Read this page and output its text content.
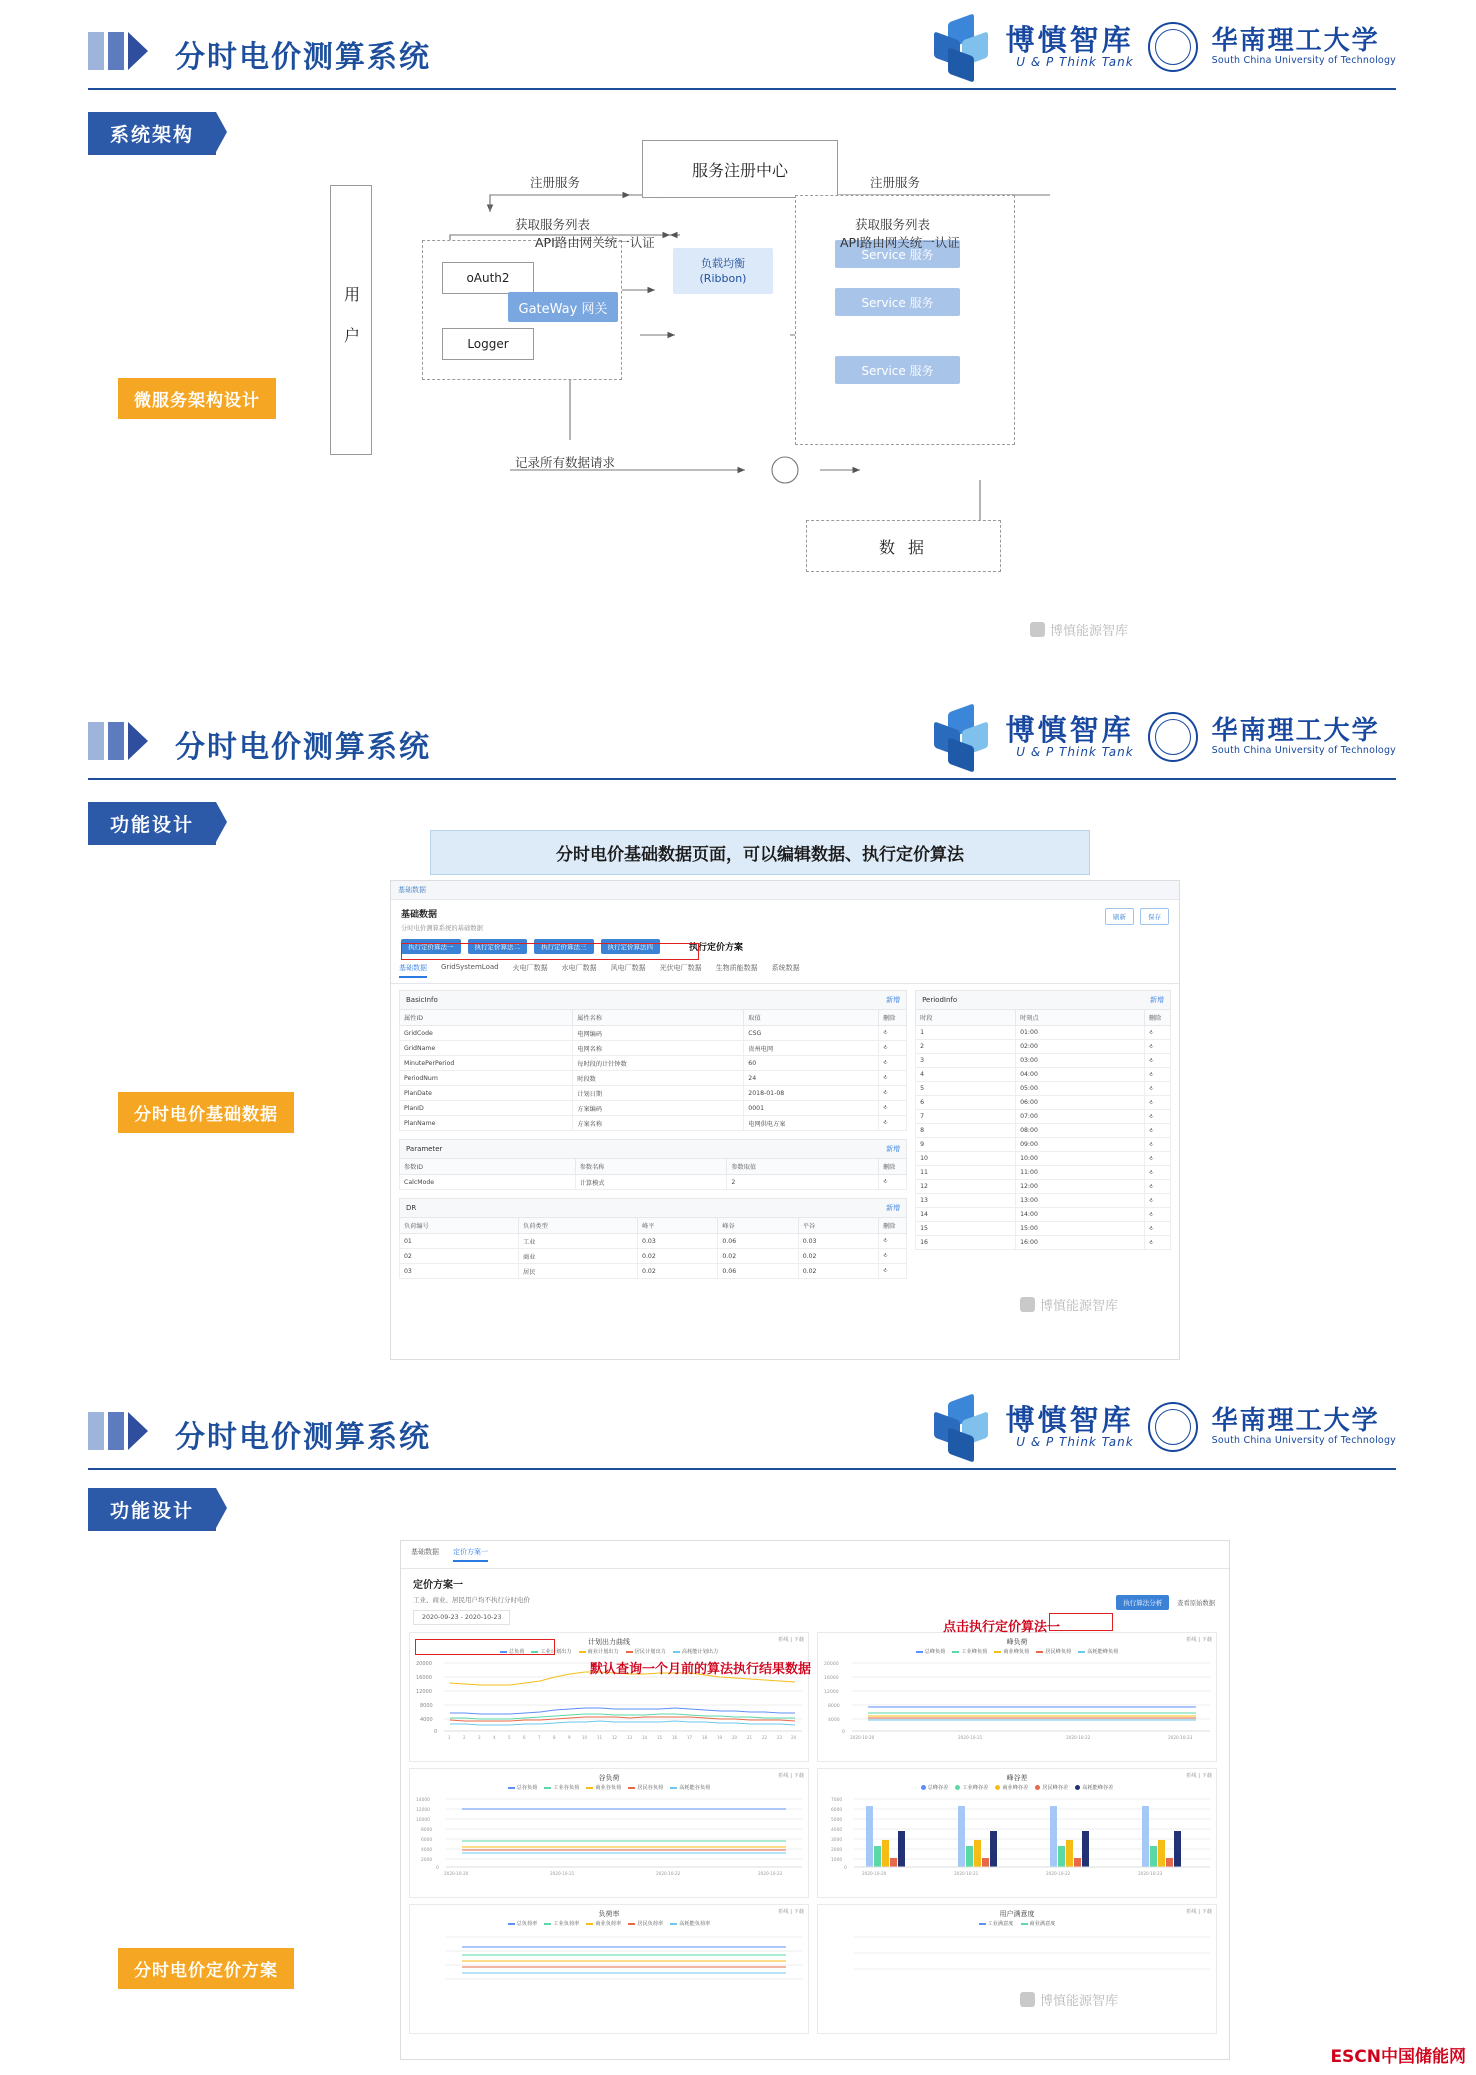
分时电价测算系统
博慎智库
U & P Think Tank
华南理工大学
South China University of Technology
系统架构
微服务架构设计
服务注册中心
用 户
oAuth2
Logger
GateWay 网关
负载均衡
(Ribbon)
Service 服务
Service 服务
Service 服务
数 据
注册服务	注册服务
获取服务列表	获取服务列表
API路由网关统一认证	API路由网关统一认证
记录所有数据请求
博慎能源智库
分时电价测算系统
博慎智库
U & P Think Tank
华南理工大学
South China University of Technology
功能设计
分时电价基础数据
分时电价基础数据页面，可以编辑数据、执行定价算法
基础数据
基础数据
分时电价测算系统的基础数据
刷新	保存
执行定价算法一	执行定价算法二	执行定价算法三	执行定价算法四	执行定价方案
基础数据 GridSystemLoad 火电厂数据 水电厂数据 风电厂数据 光伏电厂数据 生物质能数据 系统数据
BasicInfo	新增
属性ID	属性名称	取值	删除
GridCode	电网编码	CSG	⎀
GridName	电网名称	贵州电网	⎀
MinutePerPeriod	每时段的计针钟数	60	⎀
PeriodNum	时段数	24	⎀
PlanDate	计划日期	2018-01-08	⎀
PlanID	方案编码	0001	⎀
PlanName	方案名称	电网供电方案	⎀
Parameter	新增
参数ID	参数名称	参数取值	删除
CalcMode	计算模式	2	⎀
DR	新增
负荷编号	负荷类型	峰平	峰谷	平谷	删除
01	工业	0.03	0.06	0.03	⎀
02	商业	0.02	0.02	0.02	⎀
03	居民	0.02	0.06	0.02	⎀
PeriodInfo	新增
时段	时刻点	删除
1	01:00	⎀
2	02:00	⎀
3	03:00	⎀
4	04:00	⎀
5	05:00	⎀
6	06:00	⎀
7	07:00	⎀
8	08:00	⎀
9	09:00	⎀
10	10:00	⎀
11	11:00	⎀
12	12:00	⎀
13	13:00	⎀
14	14:00	⎀
15	15:00	⎀
16	16:00	⎀
博慎能源智库
分时电价测算系统
博慎智库
U & P Think Tank
华南理工大学
South China University of Technology
功能设计
分时电价定价方案
基础数据 定价方案一
定价方案一
工业、商业、居民用户均不执行分时电价
2020-09-23 - 2020-10-23
执行算法分析	查看原始数据
计划出力曲线	折线 | 下载
总负荷	工业计划出力	商业计划出力	居民计划出力	高耗能计划出力
20000
16000
12000
8000
4000
0
1	2	3	4	5	6	7	8	9	10 11 12 13 14 15 16 17 18 19 20 21 22 23 24
峰负荷	折线 | 下载
总峰负荷	工业峰负荷	商业峰负荷	居民峰负荷	高耗能峰负荷
20000
16000
12000
8000
4000
0
2020-10-20	2020-10-21	2020-10-22	2020-10-23
谷负荷	折线 | 下载
总谷负荷	工业谷负荷	商业谷负荷	居民谷负荷	高耗能谷负荷
14000
12000
10000
8000
6000
4000
2000
0
2020-10-20	2020-10-21	2020-10-22	2020-10-23
峰谷差	折线 | 下载
总峰谷差	工业峰谷差	商业峰谷差	居民峰谷差	高耗能峰谷差
7000
6000
5000
4000
3000
2000
1000
0
2020-10-20	2020-10-21	2020-10-22	2020-10-23
负荷率	折线 | 下载
总负荷率	工业负荷率	商业负荷率	居民负荷率	高耗能负荷率
用户满意度	折线 | 下载
工业满意度	商业满意度
点击执行定价算法一
默认查询一个月前的算法执行结果数据
博慎能源智库
ESCN中国储能网
